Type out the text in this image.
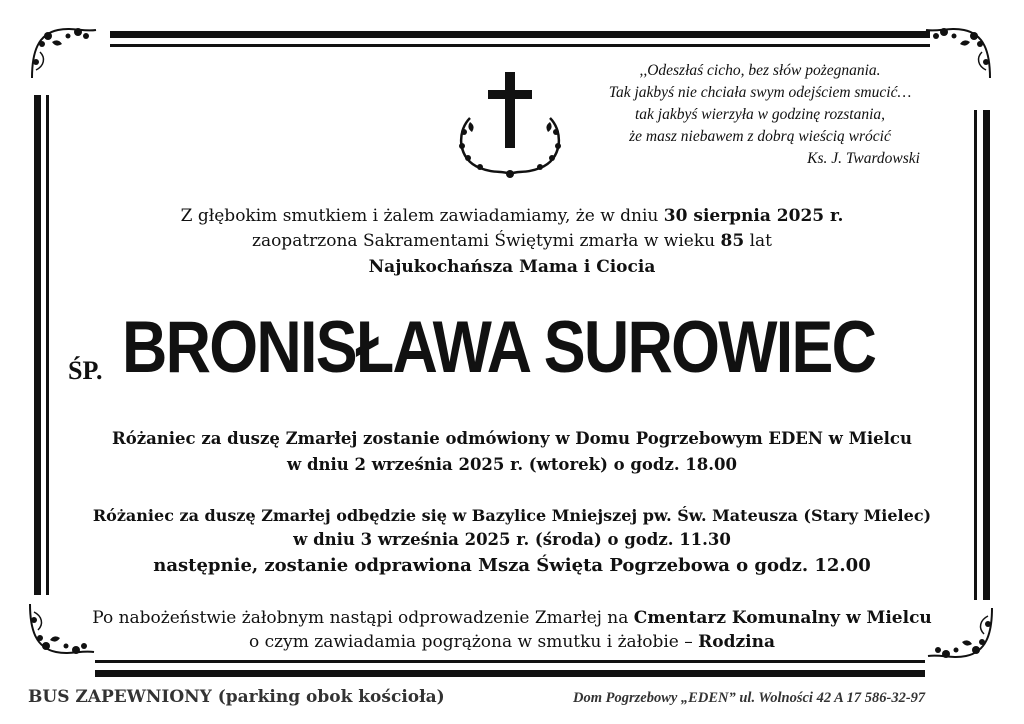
,,Odeszłaś cicho, bez słów pożegnania.
Tak jakbyś nie chciała swym odejściem smucić…
tak jakbyś wierzyła w godzinę rozstania,
że masz niebawem z dobrą wieścią wrócić
Ks. J. Twardowski
Z głębokim smutkiem i żalem zawiadamiamy, że w dniu 30 sierpnia 2025 r.
zaopatrzona Sakramentami Świętymi zmarła w wieku 85 lat
Najukochańsza Mama i Ciocia
ŚP. BRONISŁAWA SUROWIEC
Różaniec za duszę Zmarłej zostanie odmówiony w Domu Pogrzebowym EDEN w Mielcu
w dniu 2 września 2025 r. (wtorek) o godz. 18.00
Różaniec za duszę Zmarłej odbędzie się w Bazylice Mniejszej pw. Św. Mateusza (Stary Mielec)
w dniu 3 września 2025 r. (środa) o godz. 11.30
następnie, zostanie odprawiona Msza Święta Pogrzebowa o godz. 12.00
Po nabożeństwie żałobnym nastąpi odprowadzenie Zmarłej na Cmentarz Komunalny w Mielcu
o czym zawiadamia pogrążona w smutku i żałobie – Rodzina
BUS ZAPEWNIONY (parking obok kościoła)	Dom Pogrzebowy „EDEN” ul. Wolności 42 A 17 586-32-97
